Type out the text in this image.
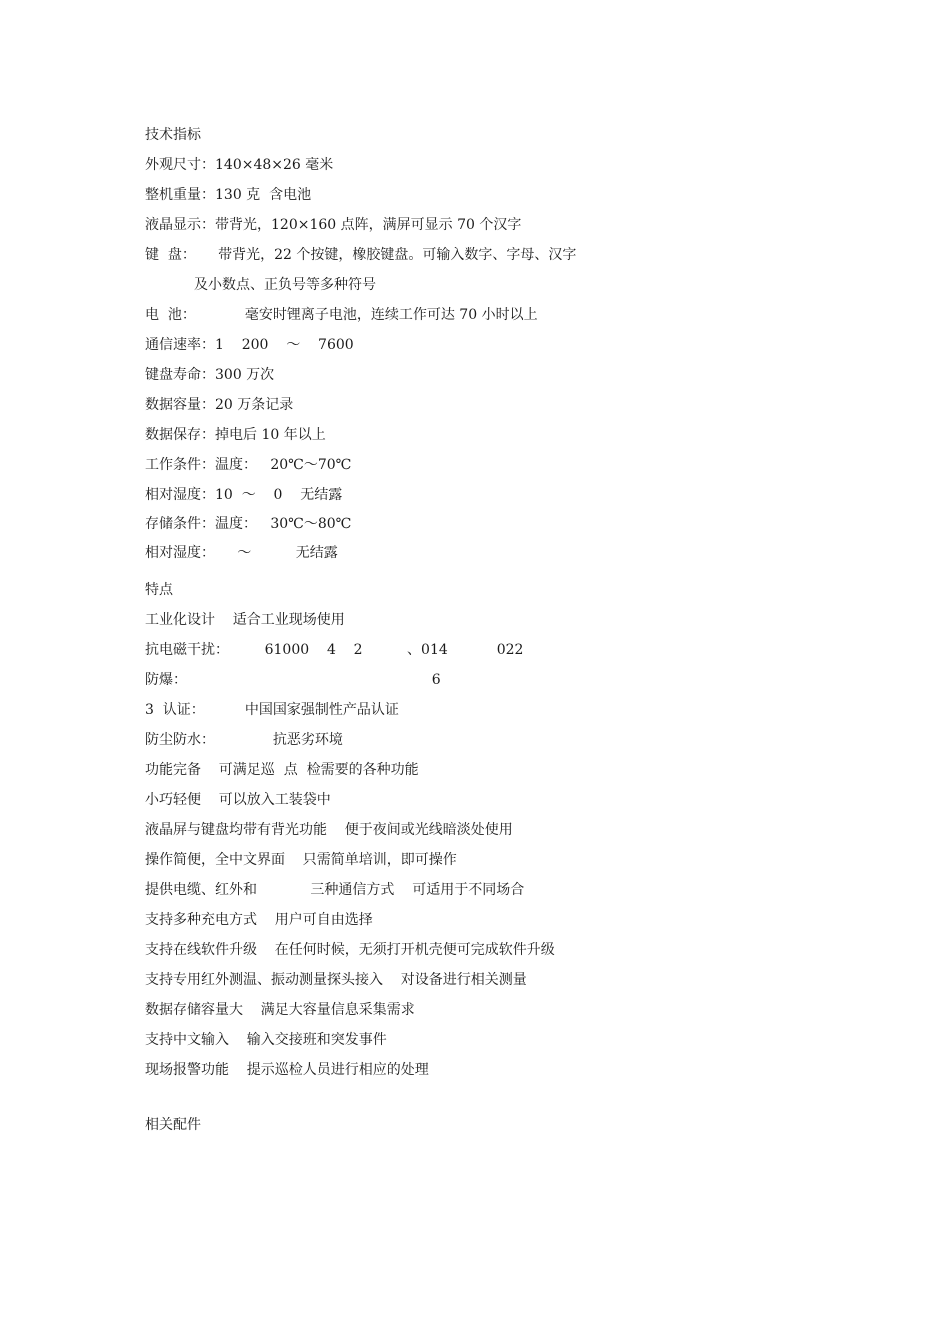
技术指标
外观尺寸：140×48×26 毫米
整机重量：130 克  含电池
液晶显示：带背光，120×160 点阵，满屏可显示 70 个汉字
键  盘：     带背光，22 个按键，橡胶键盘。可输入数字、字母、汉字
及小数点、正负号等多种符号
电  池：           毫安时锂离子电池，连续工作可达 70 小时以上
通信速率：1    200    ～    7600
键盘寿命：300 万次
数据容量：20 万条记录
数据保存：掉电后 10 年以上
工作条件：温度：   20℃～70℃
相对湿度：10  ～    0    无结露
存储条件：温度：   30℃～80℃
相对湿度：     ～          无结露
特点
工业化设计    适合工业现场使用
抗电磁干扰：        61000    4    2          、014           022
防爆：                                                       6
3  认证：         中国国家强制性产品认证
防尘防水：             抗恶劣环境
功能完备    可满足巡  点  检需要的各种功能
小巧轻便    可以放入工装袋中
液晶屏与键盘均带有背光功能    便于夜间或光线暗淡处使用
操作简便，全中文界面    只需简单培训，即可操作
提供电缆、红外和            三种通信方式    可适用于不同场合
支持多种充电方式    用户可自由选择
支持在线软件升级    在任何时候，无须打开机壳便可完成软件升级
支持专用红外测温、振动测量探头接入    对设备进行相关测量
数据存储容量大    满足大容量信息采集需求
支持中文输入    输入交接班和突发事件
现场报警功能    提示巡检人员进行相应的处理
相关配件
